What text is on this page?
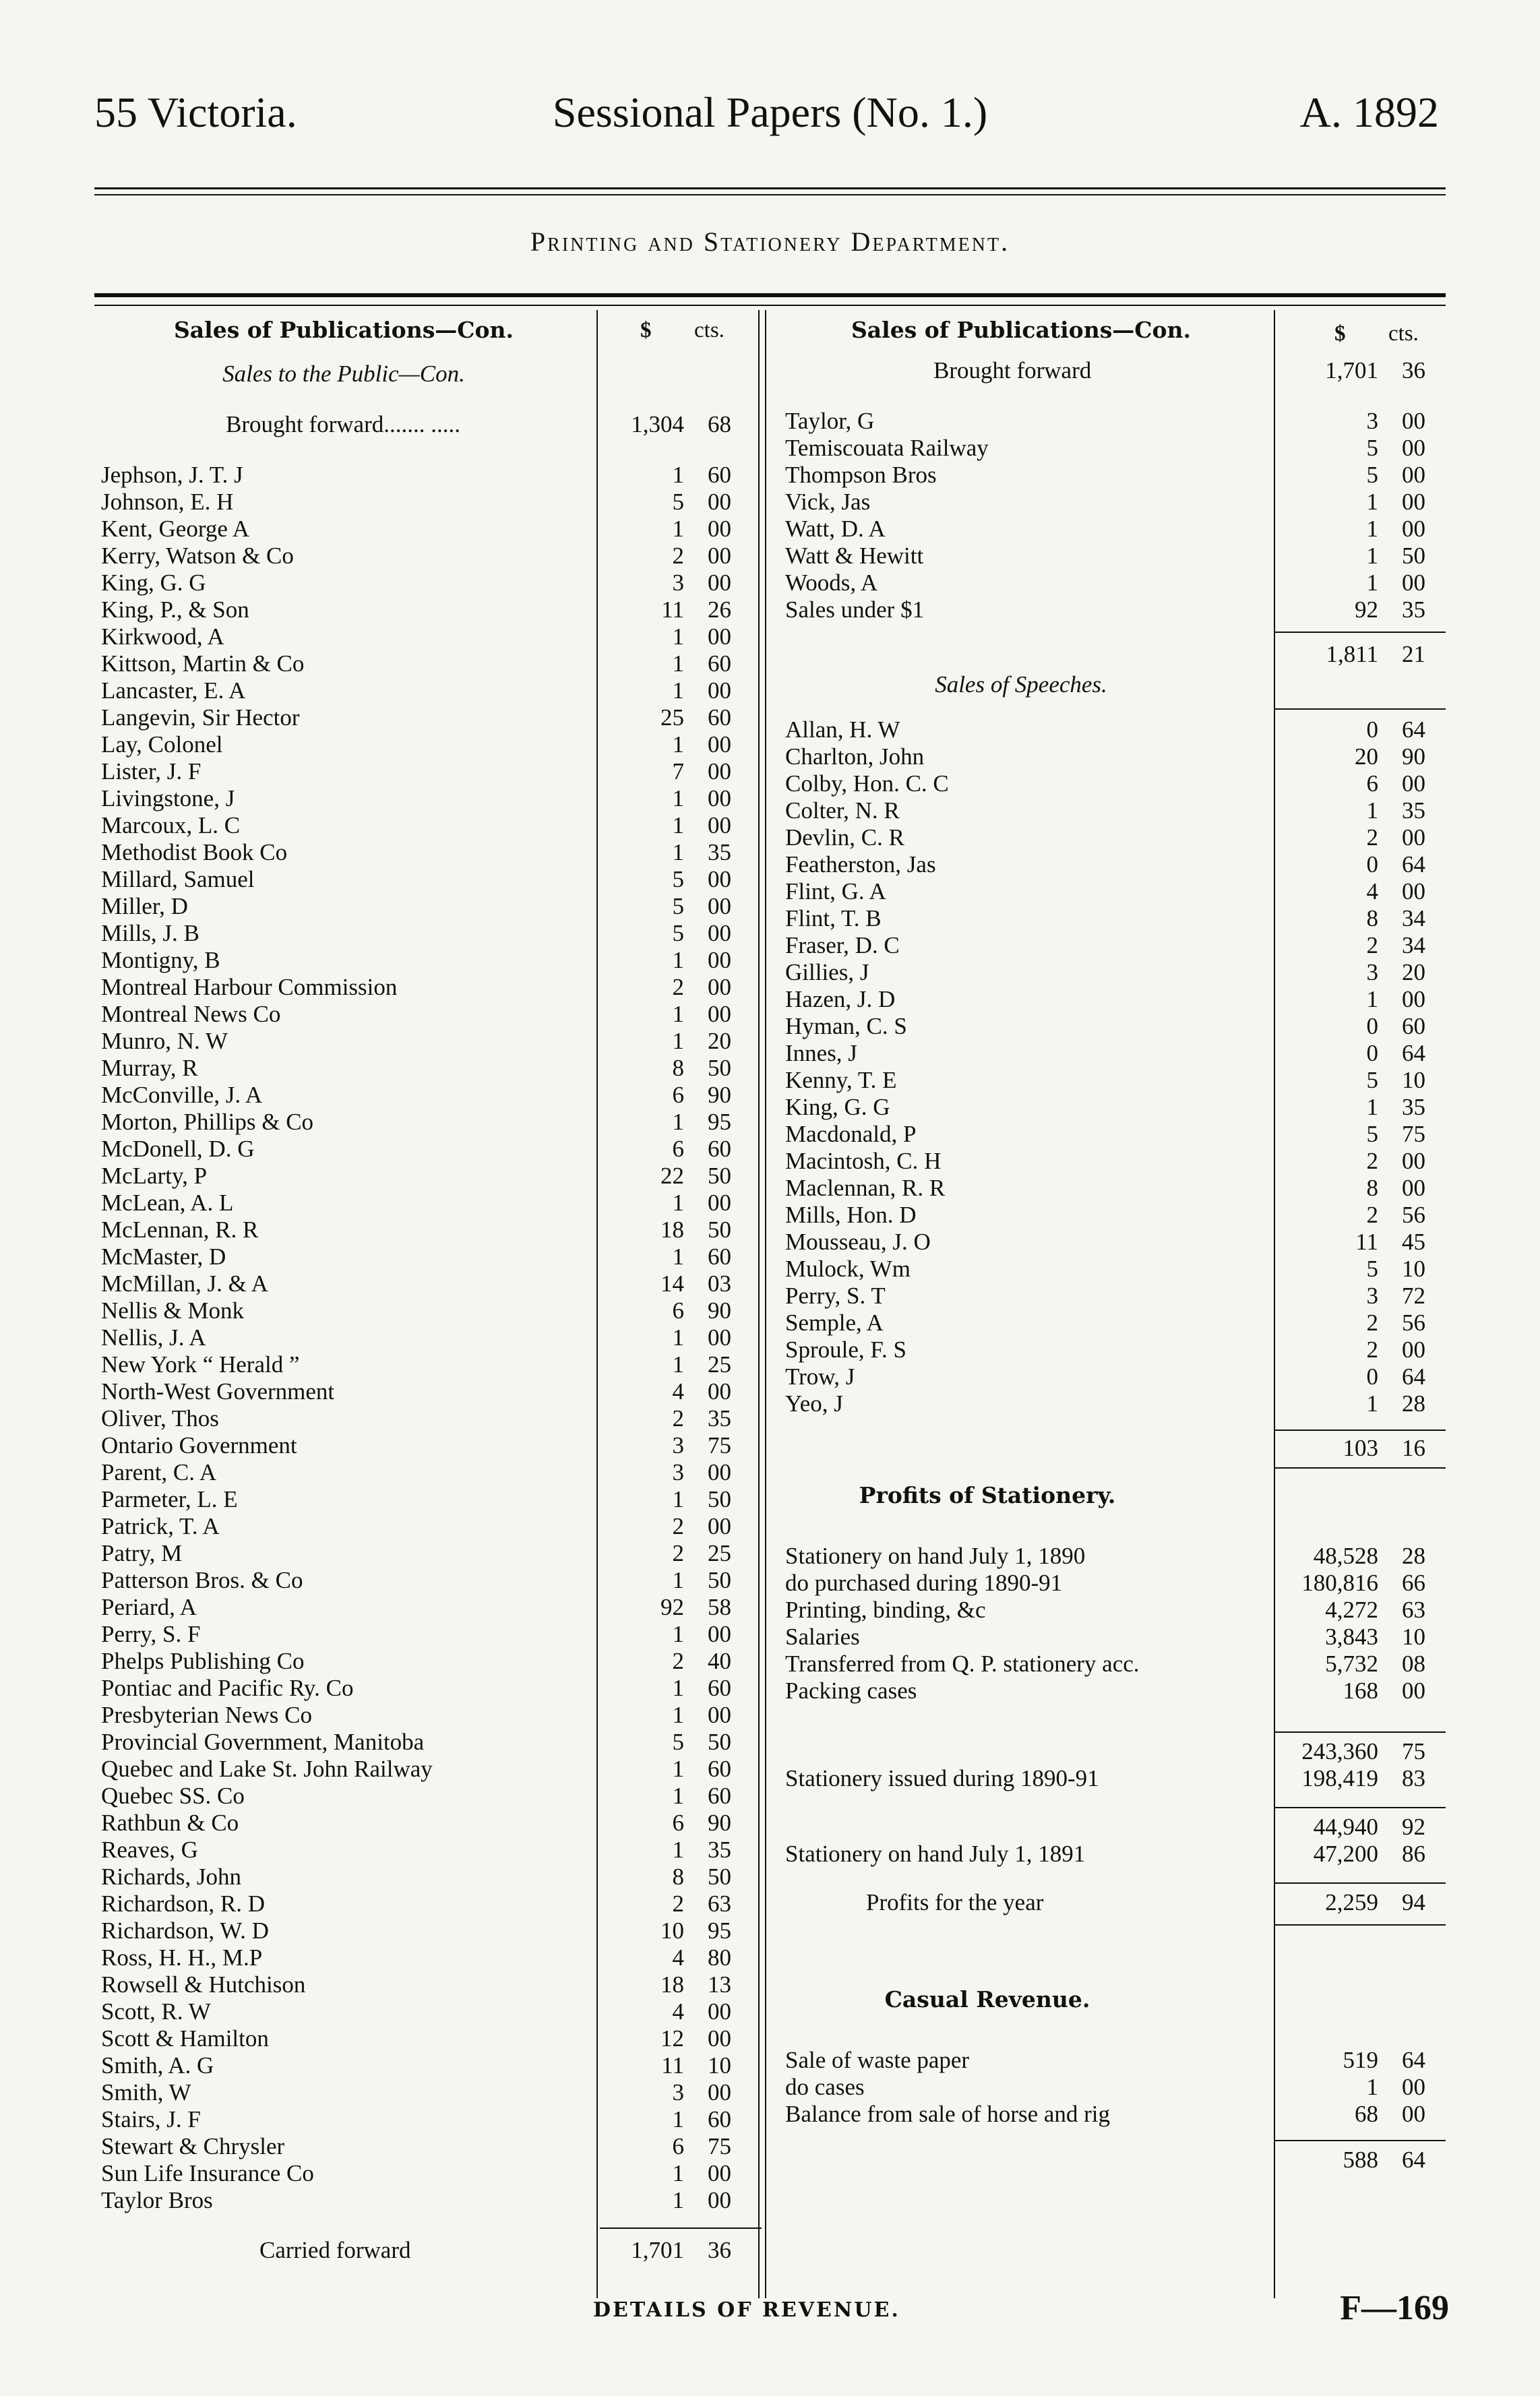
55 Victoria.	Sessional Papers (No. 1.)	A. 1892
Printing and Stationery Department.
Sales of Publications—Con.	$ cts.
Sales to the Public—Con.
Brought forward....... .....	1,304	68
Jephson, J. T. J	1	60
Johnson, E. H	5	00
Kent, George A	1	00
Kerry, Watson & Co	2	00
King, G. G	3	00
King, P., & Son	11	26
Kirkwood, A	1	00
Kittson, Martin & Co	1	60
Lancaster, E. A	1	00
Langevin, Sir Hector	25	60
Lay, Colonel	1	00
Lister, J. F	7	00
Livingstone, J	1	00
Marcoux, L. C	1	00
Methodist Book Co	1	35
Millard, Samuel	5	00
Miller, D	5	00
Mills, J. B	5	00
Montigny, B	1	00
Montreal Harbour Commission	2	00
Montreal News Co	1	00
Munro, N. W	1	20
Murray, R	8	50
McConville, J. A	6	90
Morton, Phillips & Co	1	95
McDonell, D. G	6	60
McLarty, P	22	50
McLean, A. L	1	00
McLennan, R. R	18	50
McMaster, D	1	60
McMillan, J. & A	14	03
Nellis & Monk	6	90
Nellis, J. A	1	00
New York “ Herald ”	1	25
North-West Government	4	00
Oliver, Thos	2	35
Ontario Government	3	75
Parent, C. A	3	00
Parmeter, L. E	1	50
Patrick, T. A	2	00
Patry, M	2	25
Patterson Bros. & Co	1	50
Periard, A	92	58
Perry, S. F	1	00
Phelps Publishing Co	2	40
Pontiac and Pacific Ry. Co	1	60
Presbyterian News Co	1	00
Provincial Government, Manitoba	5	50
Quebec and Lake St. John Railway	1	60
Quebec SS. Co	1	60
Rathbun & Co	6	90
Reaves, G	1	35
Richards, John	8	50
Richardson, R. D	2	63
Richardson, W. D	10	95
Ross, H. H., M.P	4	80
Rowsell & Hutchison	18	13
Scott, R. W	4	00
Scott & Hamilton	12	00
Smith, A. G	11	10
Smith, W	3	00
Stairs, J. F	1	60
Stewart & Chrysler	6	75
Sun Life Insurance Co	1	00
Taylor Bros	1	00
Carried forward	1,701	36
Sales of Publications—Con.	$ cts.
Brought forward	1,701	36
Taylor, G	3	00
Temiscouata Railway	5	00
Thompson Bros	5	00
Vick, Jas	1	00
Watt, D. A	1	00
Watt & Hewitt	1	50
Woods, A	1	00
Sales under $1	92	35
1,811	21
Sales of Speeches.
Allan, H. W	0	64
Charlton, John	20	90
Colby, Hon. C. C	6	00
Colter, N. R	1	35
Devlin, C. R	2	00
Featherston, Jas	0	64
Flint, G. A	4	00
Flint, T. B	8	34
Fraser, D. C	2	34
Gillies, J	3	20
Hazen, J. D	1	00
Hyman, C. S	0	60
Innes, J	0	64
Kenny, T. E	5	10
King, G. G	1	35
Macdonald, P	5	75
Macintosh, C. H	2	00
Maclennan, R. R	8	00
Mills, Hon. D	2	56
Mousseau, J. O	11	45
Mulock, Wm	5	10
Perry, S. T	3	72
Semple, A	2	56
Sproule, F. S	2	00
Trow, J	0	64
Yeo, J	1	28
103	16
Profits of Stationery.
Stationery on hand July 1, 1890	48,528	28
do purchased during 1890-91	180,816	66
Printing, binding, &c	4,272	63
Salaries	3,843	10
Transferred from Q. P. stationery acc.	5,732	08
Packing cases	168	00
243,360	75
Stationery issued during 1890-91	198,419	83
44,940	92
Stationery on hand July 1, 1891	47,200	86
Profits for the year	2,259	94
Casual Revenue.
Sale of waste paper	519	64
do cases	1	00
Balance from sale of horse and rig	68	00
588	64
DETAILS OF REVENUE.	F—169
